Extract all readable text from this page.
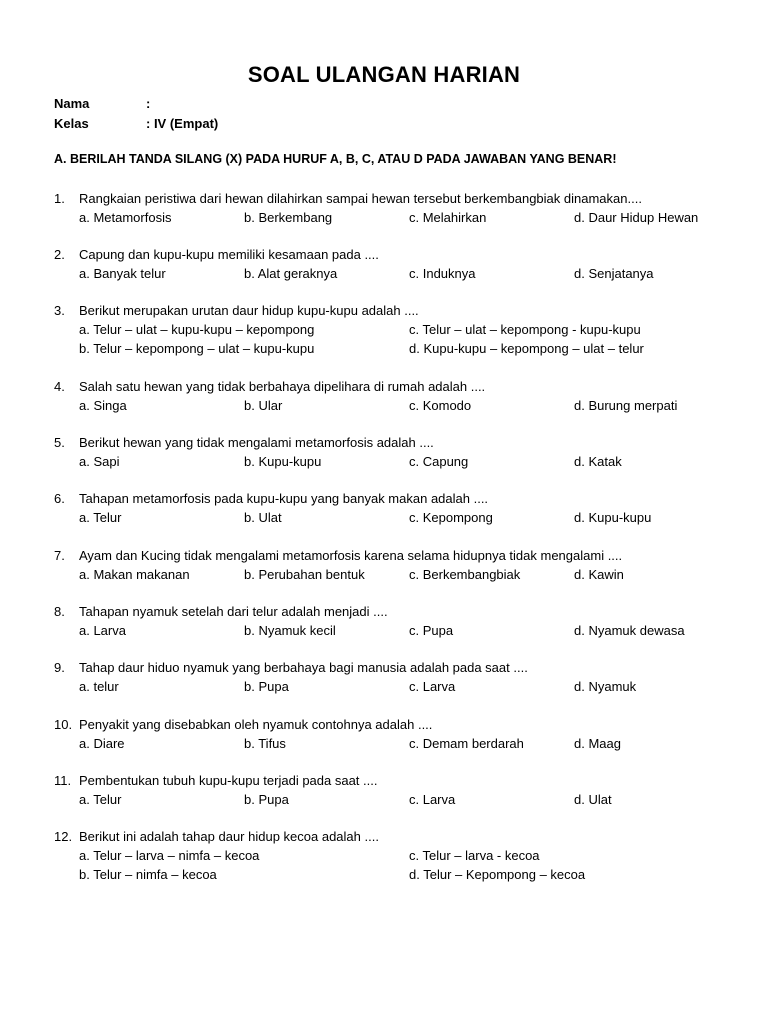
SOAL ULANGAN HARIAN
Nama	:
Kelas	: IV (Empat)
A. BERILAH TANDA SILANG (X) PADA HURUF A, B, C, ATAU D PADA JAWABAN YANG BENAR!
1. Rangkaian peristiwa dari hewan dilahirkan sampai hewan tersebut berkembangbiak dinamakan....
a. Metamorfosis	b. Berkembang	c. Melahirkan	d. Daur Hidup Hewan
2. Capung dan kupu-kupu memiliki kesamaan pada ....
a. Banyak telur	b. Alat geraknya	c. Induknya	d. Senjatanya
3. Berikut merupakan urutan daur hidup kupu-kupu adalah ....
a. Telur – ulat – kupu-kupu – kepompong	c. Telur – ulat – kepompong - kupu-kupu
b. Telur – kepompong – ulat – kupu-kupu	d. Kupu-kupu – kepompong – ulat – telur
4. Salah satu hewan yang tidak berbahaya dipelihara di rumah adalah ....
a. Singa	b. Ular	c. Komodo	d. Burung merpati
5. Berikut hewan yang tidak mengalami metamorfosis adalah ....
a. Sapi	b. Kupu-kupu	c. Capung	d. Katak
6. Tahapan metamorfosis pada kupu-kupu yang banyak makan adalah ....
a. Telur	b. Ulat	c. Kepompong	d. Kupu-kupu
7. Ayam dan Kucing tidak mengalami metamorfosis karena selama hidupnya tidak mengalami ....
a. Makan makanan	b. Perubahan bentuk	c. Berkembangbiak	d. Kawin
8. Tahapan nyamuk setelah dari telur adalah menjadi ....
a. Larva	b. Nyamuk kecil	c. Pupa	d. Nyamuk dewasa
9. Tahap daur hiduo nyamuk yang berbahaya bagi manusia adalah pada saat ....
a. telur	b. Pupa	c. Larva	d. Nyamuk
10. Penyakit yang disebabkan oleh nyamuk contohnya adalah ....
a. Diare	b. Tifus	c. Demam berdarah	d. Maag
11. Pembentukan tubuh kupu-kupu terjadi pada saat ....
a. Telur	b. Pupa	c. Larva	d. Ulat
12. Berikut ini adalah tahap daur hidup kecoa adalah ....
a. Telur – larva – nimfa – kecoa	c. Telur – larva - kecoa
b. Telur – nimfa – kecoa	d. Telur – Kepompong – kecoa
